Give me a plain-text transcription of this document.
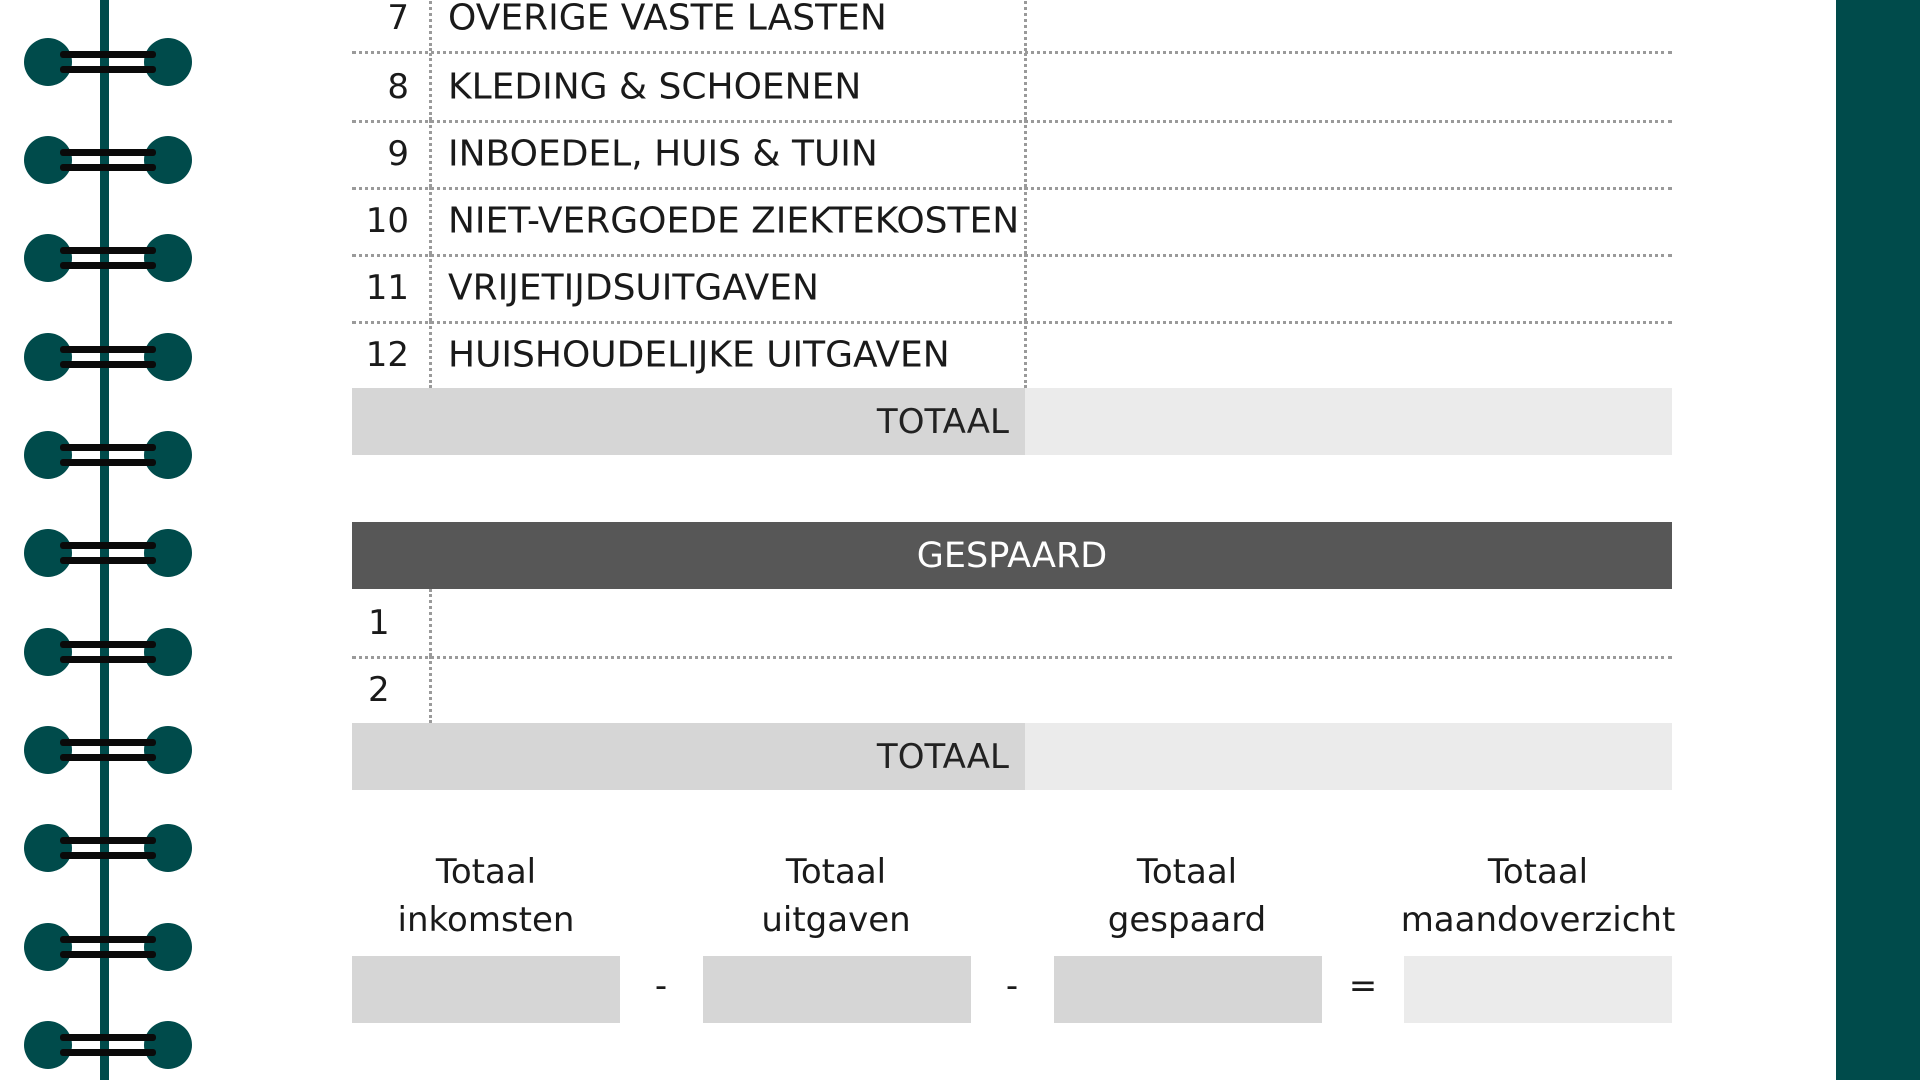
7 OVERIGE VASTE LASTEN
8 KLEDING & SCHOENEN
9 INBOEDEL, HUIS & TUIN
10 NIET-VERGOEDE ZIEKTEKOSTEN
11 VRIJETIJDSUITGAVEN
12 HUISHOUDELIJKE UITGAVEN
TOTAAL
GESPAARD
1
2
TOTAAL
Totaal
inkomsten
Totaal
uitgaven
Totaal
gespaard
Totaal
maandoverzicht
-	-	=
